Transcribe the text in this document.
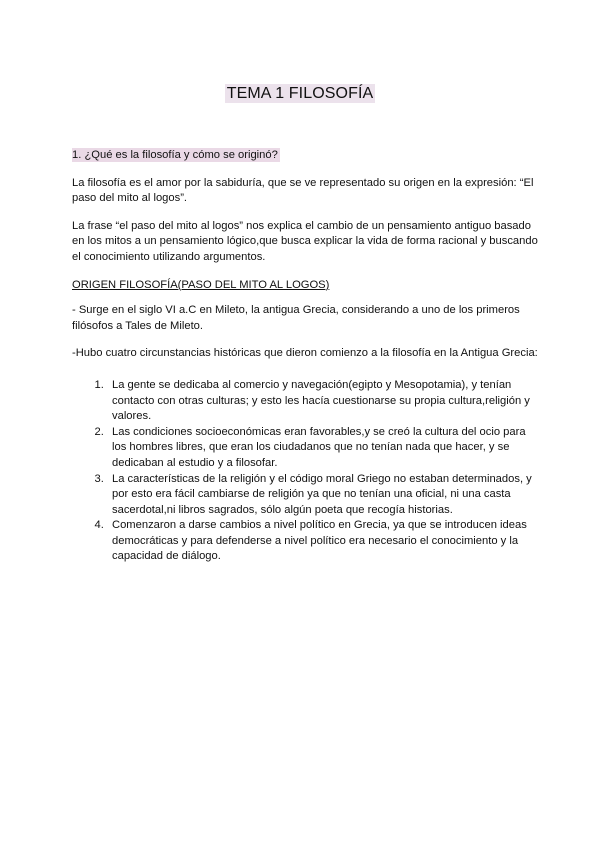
TEMA 1 FILOSOFÍA
1. ¿Qué es la filosofía y cómo se originó?

La filosofía es el amor por la sabiduría, que se ve representado su origen en la expresión: “El paso del mito al logos”.

La frase “el paso del mito al logos” nos explica el cambio de un pensamiento antiguo basado en los mitos a un pensamiento lógico,que busca explicar la vida de forma racional y buscando el conocimiento utilizando argumentos.

ORIGEN FILOSOFÍA(PASO DEL MITO AL LOGOS)

- Surge en el siglo VI a.C en Mileto, la antigua Grecia, considerando a uno de los primeros filósofos a Tales de Mileto.

-Hubo cuatro circunstancias históricas que dieron comienzo a la filosofía en la Antigua Grecia:

1. La gente se dedicaba al comercio y navegación(egipto y Mesopotamia), y tenían contacto con otras culturas; y esto les hacía cuestionarse su propia cultura,religión y valores.
2. Las condiciones socioeconómicas eran favorables,y se creó la cultura del ocio para los hombres libres, que eran los ciudadanos que no tenían nada que hacer, y se dedicaban al estudio y a filosofar.
3. La características de la religión y el código moral Griego no estaban determinados, y por esto era fácil cambiarse de religión ya que no tenían una oficial, ni una casta sacerdotal,ni libros sagrados, sólo algún poeta que recogía historias.
4. Comenzaron a darse cambios a nivel político en Grecia, ya que se introducen ideas democráticas y para defenderse a nivel político era necesario el conocimiento y la capacidad de diálogo.
